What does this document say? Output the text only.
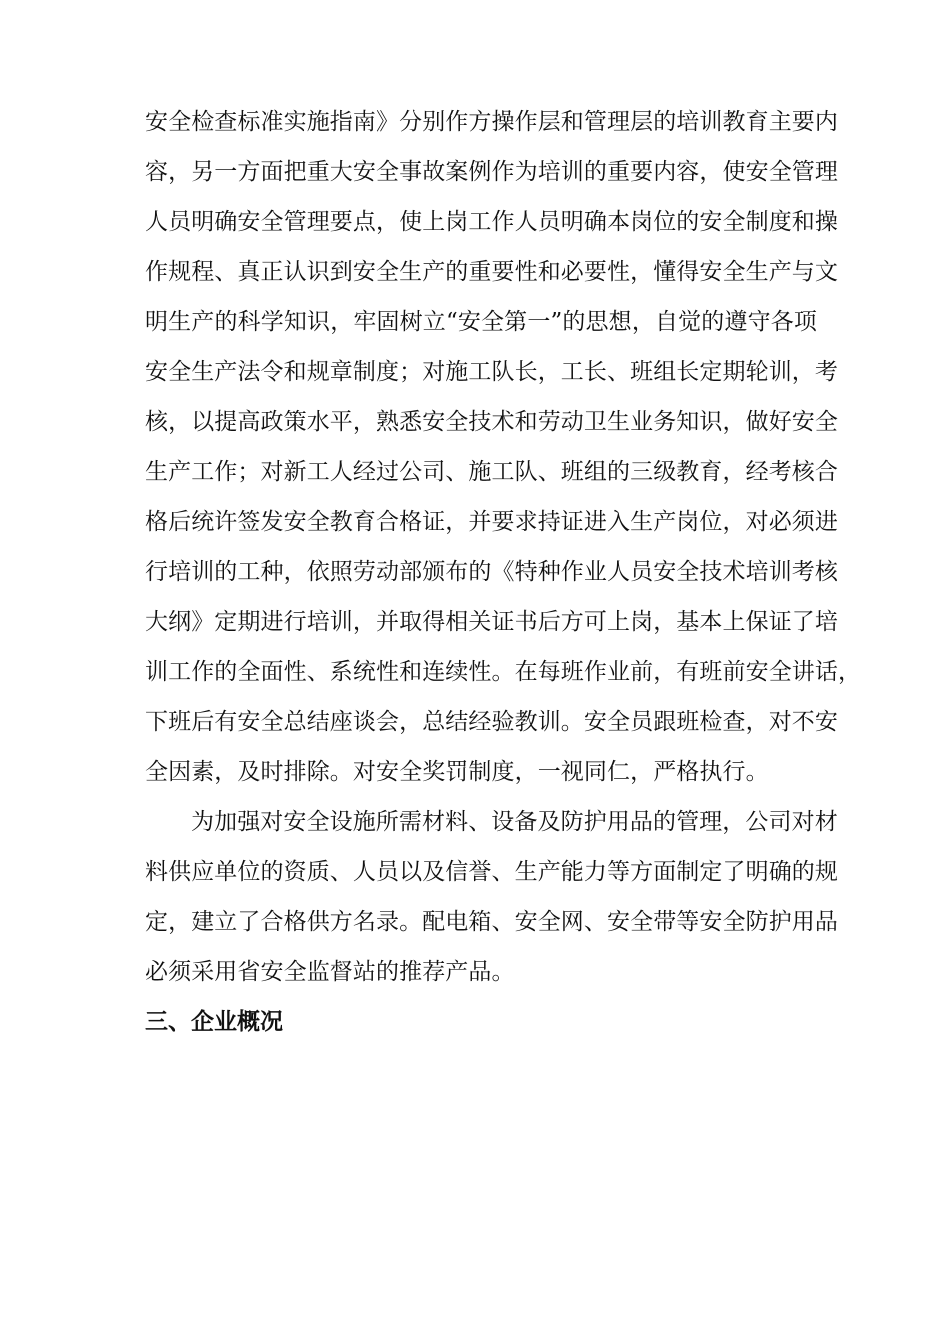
安全检查标准实施指南》分别作方操作层和管理层的培训教育主要内
容，另一方面把重大安全事故案例作为培训的重要内容，使安全管理
人员明确安全管理要点，使上岗工作人员明确本岗位的安全制度和操
作规程、真正认识到安全生产的重要性和必要性，懂得安全生产与文
明生产的科学知识，牢固树立“安全第一”的思想，自觉的遵守各项
安全生产法令和规章制度；对施工队长，工长、班组长定期轮训，考
核，以提高政策水平，熟悉安全技术和劳动卫生业务知识，做好安全
生产工作；对新工人经过公司、施工队、班组的三级教育，经考核合
格后统许签发安全教育合格证，并要求持证进入生产岗位，对必须进
行培训的工种，依照劳动部颁布的《特种作业人员安全技术培训考核
大纲》定期进行培训，并取得相关证书后方可上岗，基本上保证了培
训工作的全面性、系统性和连续性。在每班作业前，有班前安全讲话，
下班后有安全总结座谈会，总结经验教训。安全员跟班检查，对不安
全因素，及时排除。对安全奖罚制度，一视同仁，严格执行。
为加强对安全设施所需材料、设备及防护用品的管理，公司对材
料供应单位的资质、人员以及信誉、生产能力等方面制定了明确的规
定，建立了合格供方名录。配电箱、安全网、安全带等安全防护用品
必须采用省安全监督站的推荐产品。
三、企业概况
